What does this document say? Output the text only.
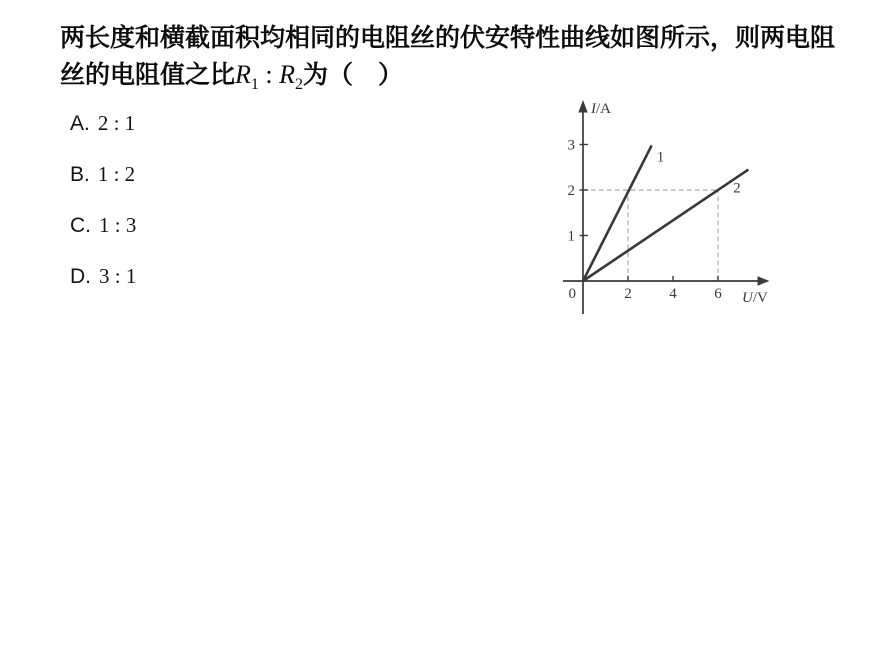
两长度和横截面积均相同的电阻丝的伏安特性曲线如图所示，则两电阻
丝的电阻值之比$R_1$ : $R_2$为（　）
A. 2 : 1
B. 1 : 2
C. 1 : 3
D. 3 : 1
1
2
3
2	4	6
0
I/A
U/V
1
2
